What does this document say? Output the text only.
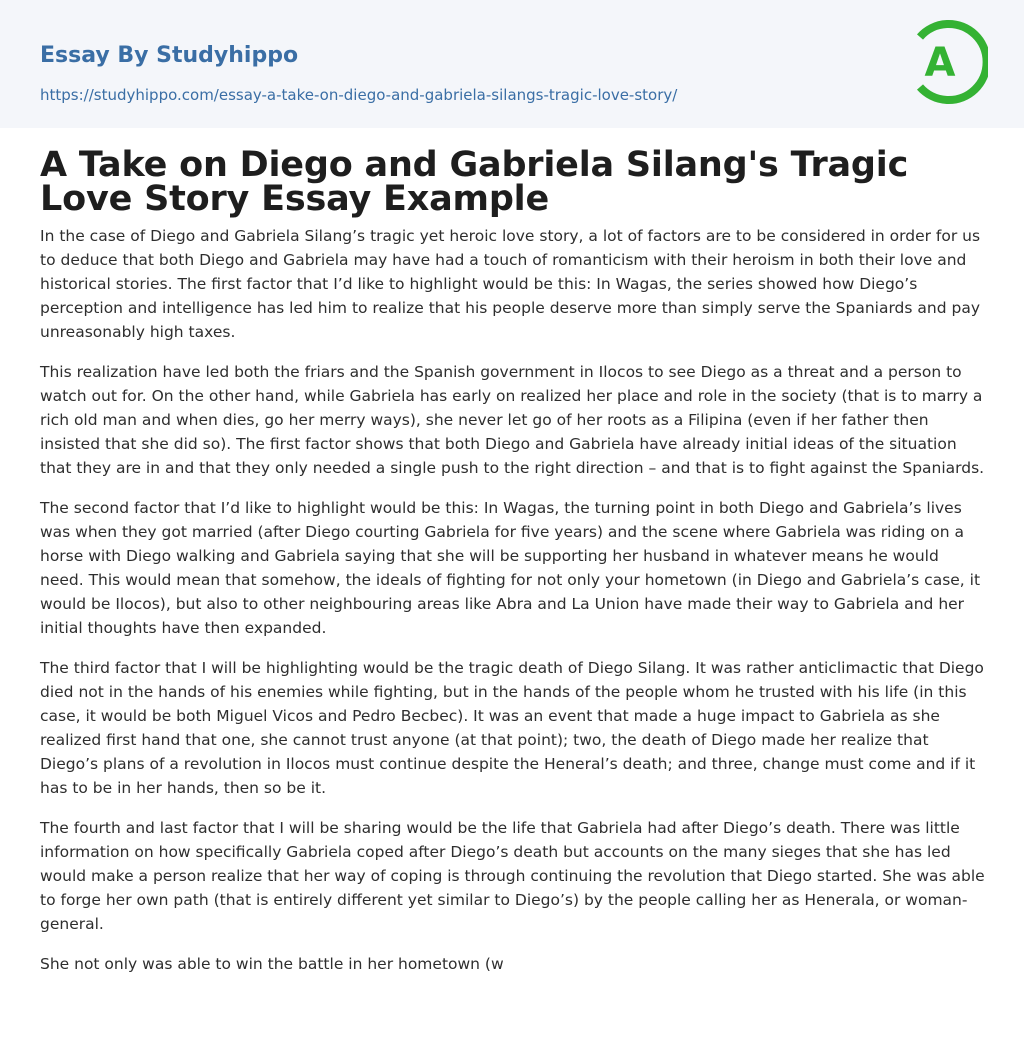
Essay By Studyhippo
https://studyhippo.com/essay-a-take-on-diego-and-gabriela-silangs-tragic-love-story/
A
A Take on Diego and Gabriela Silang's Tragic Love Story Essay Example

In the case of Diego and Gabriela Silang’s tragic yet heroic love story, a lot of factors are to be considered in order for us to deduce that both Diego and Gabriela may have had a touch of romanticism with their heroism in both their love and historical stories. The first factor that I’d like to highlight would be this: In Wagas, the series showed how Diego’s perception and intelligence has led him to realize that his people deserve more than simply serve the Spaniards and pay unreasonably high taxes.

This realization have led both the friars and the Spanish government in Ilocos to see Diego as a threat and a person to watch out for. On the other hand, while Gabriela has early on realized her place and role in the society (that is to marry a rich old man and when dies, go her merry ways), she never let go of her roots as a Filipina (even if her father then insisted that she did so). The first factor shows that both Diego and Gabriela have already initial ideas of the situation that they are in and that they only needed a single push to the right direction – and that is to fight against the Spaniards.

The second factor that I’d like to highlight would be this: In Wagas, the turning point in both Diego and Gabriela’s lives was when they got married (after Diego courting Gabriela for five years) and the scene where Gabriela was riding on a horse with Diego walking and Gabriela saying that she will be supporting her husband in whatever means he would need. This would mean that somehow, the ideals of fighting for not only your hometown (in Diego and Gabriela’s case, it would be Ilocos), but also to other neighbouring areas like Abra and La Union have made their way to Gabriela and her initial thoughts have then expanded.

The third factor that I will be highlighting would be the tragic death of Diego Silang. It was rather anticlimactic that Diego died not in the hands of his enemies while fighting, but in the hands of the people whom he trusted with his life (in this case, it would be both Miguel Vicos and Pedro Becbec). It was an event that made a huge impact to Gabriela as she realized first hand that one, she cannot trust anyone (at that point); two, the death of Diego made her realize that Diego’s plans of a revolution in Ilocos must continue despite the Heneral’s death; and three, change must come and if it has to be in her hands, then so be it.

The fourth and last factor that I will be sharing would be the life that Gabriela had after Diego’s death. There was little information on how specifically Gabriela coped after Diego’s death but accounts on the many sieges that she has led would make a person realize that her way of coping is through continuing the revolution that Diego started. She was able to forge her own path (that is entirely different yet similar to Diego’s) by the people calling her as Henerala, or woman-general.

She not only was able to win the battle in her hometown (w
